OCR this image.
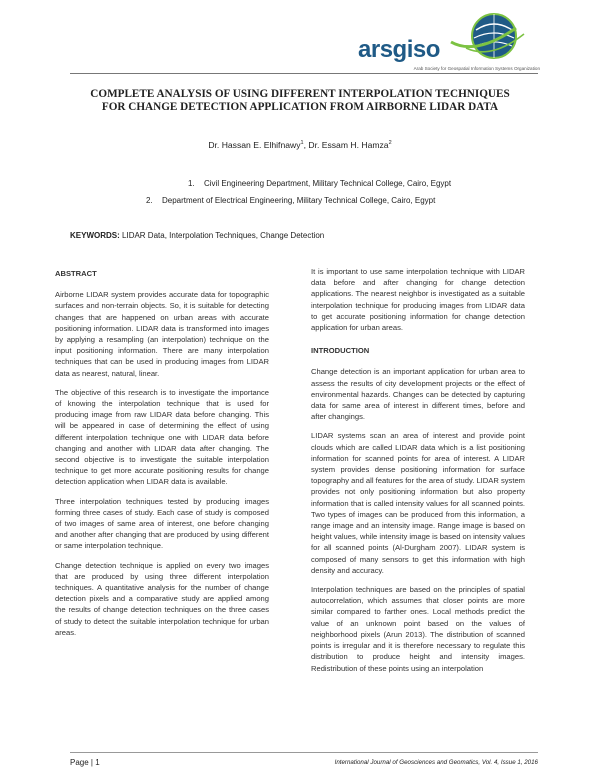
arsgiso
Arab Society for Geospatial Information Systems Organization
COMPLETE ANALYSIS OF USING DIFFERENT INTERPOLATION TECHNIQUES
FOR CHANGE DETECTION APPLICATION FROM AIRBORNE LIDAR DATA
Dr. Hassan E. Elhifnawy$^1$, Dr. Essam H. Hamza$^2$
1. Civil Engineering Department, Military Technical College, Cairo, Egypt
2. Department of Electrical Engineering, Military Technical College, Cairo, Egypt
KEYWORDS: LIDAR Data, Interpolation Techniques, Change Detection
ABSTRACT

Airborne LIDAR system provides accurate data for topographic surfaces and non-terrain objects. So, it is suitable for detecting changes that are happened on urban areas with accurate positioning information. LIDAR data is transformed into images by applying a resampling (an interpolation) technique on the input positioning information. There are many interpolation techniques that can be used in producing images from LIDAR data as nearest, natural, linear.

The objective of this research is to investigate the importance of knowing the interpolation technique that is used for producing image from raw LIDAR data before changing. This will be appeared in case of determining the effect of using different interpolation technique one with LIDAR data before changing and another with LIDAR data after changing. The second objective is to investigate the suitable interpolation technique to get more accurate positioning results for change detection application when LIDAR data is available.

Three interpolation techniques tested by producing images forming three cases of study. Each case of study is composed of two images of same area of interest, one before changing and another after changing that are produced by using different or same interpolation technique.

Change detection technique is applied on every two images that are produced by using three different interpolation techniques. A quantitative analysis for the number of change detection pixels and a comparative study are applied among the results of change detection techniques on the three cases of study to detect the suitable interpolation technique for urban areas.

It is important to use same interpolation technique with LIDAR data before and after changing for change detection applications. The nearest neighbor is investigated as a suitable interpolation technique for producing images from LIDAR data to get accurate positioning information for change detection application for urban areas.

INTRODUCTION

Change detection is an important application for urban area to assess the results of city development projects or the effect of environmental hazards. Changes can be detected by capturing data for same area of interest in different times, before and after changings.

LIDAR systems scan an area of interest and provide point clouds which are called LIDAR data which is a list positioning information for scanned points for area of interest. A LIDAR system provides dense positioning information for surface topography and all features for the area of study. LIDAR system provides not only positioning information but also property information that is called intensity values for all scanned points. Two types of images can be produced from this information, a range image and an intensity image. Range image is based on height values, while intensity image is based on intensity values for all scanned points (Al-Durgham 2007). LIDAR system is composed of many sensors to get this information with high density and accuracy.

Interpolation techniques are based on the principles of spatial autocorrelation, which assumes that closer points are more similar compared to farther ones. Local methods predict the value of an unknown point based on the values of neighborhood pixels (Arun 2013). The distribution of scanned points is irregular and it is therefore necessary to regulate this distribution to produce height and intensity images. Redistribution of these points using an interpolation

Page | 1	International Journal of Geosciences and Geomatics, Vol. 4, Issue 1, 2016
